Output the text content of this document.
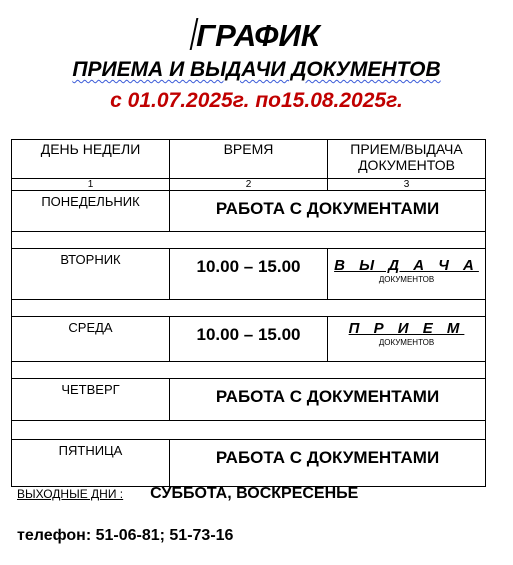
ГРАФИК
ПРИЕМА И ВЫДАЧИ ДОКУМЕНТОВ
с 01.07.2025г. по15.08.2025г.
ДЕНЬ НЕДЕЛИ	ВРЕМЯ	ПРИЕМ/ВЫДАЧА ДОКУМЕНТОВ
1	2	3
ПОНЕДЕЛЬНИК	РАБОТА С ДОКУМЕНТАМИ	

ВТОРНИК	10.00 – 15.00	В Ы Д А Ч А
ДОКУМЕНТОВ

СРЕДА	10.00 – 15.00	П Р И Е М
ДОКУМЕНТОВ

ЧЕТВЕРГ	РАБОТА С ДОКУМЕНТАМИ	

ПЯТНИЦА	РАБОТА С ДОКУМЕНТАМИ	
ВЫХОДНЫЕ ДНИ : СУББОТА, ВОСКРЕСЕНЬЕ
телефон: 51-06-81; 51-73-16
